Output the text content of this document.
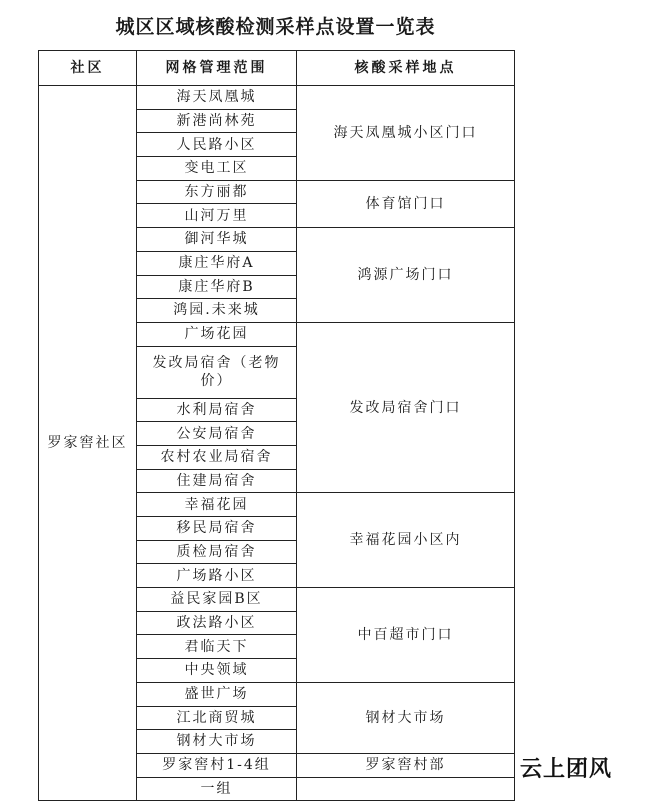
城区区域核酸检测采样点设置一览表
社区	网格管理范围	核酸采样地点
罗家窖社区	海天凤凰城	海天凤凰城小区门口
	新港尚林苑	
	人民路小区	
	变电工区	
	东方丽都	体育馆门口
	山河万里	
	御河华城	鸿源广场门口
	康庄华府A	
	康庄华府B	
	鸿园.未来城	
	广场花园	发改局宿舍门口
	发改局宿舍（老物价）	
	水利局宿舍	
	公安局宿舍	
	农村农业局宿舍	
	住建局宿舍	
	幸福花园	幸福花园小区内
	移民局宿舍	
	质检局宿舍	
	广场路小区	
	益民家园B区	中百超市门口
	政法路小区	
	君临天下	
	中央领域	
	盛世广场	钢材大市场
	江北商贸城	
	钢材大市场	
	罗家窖村1-4组	罗家窖村部
	一组	
云上团风
